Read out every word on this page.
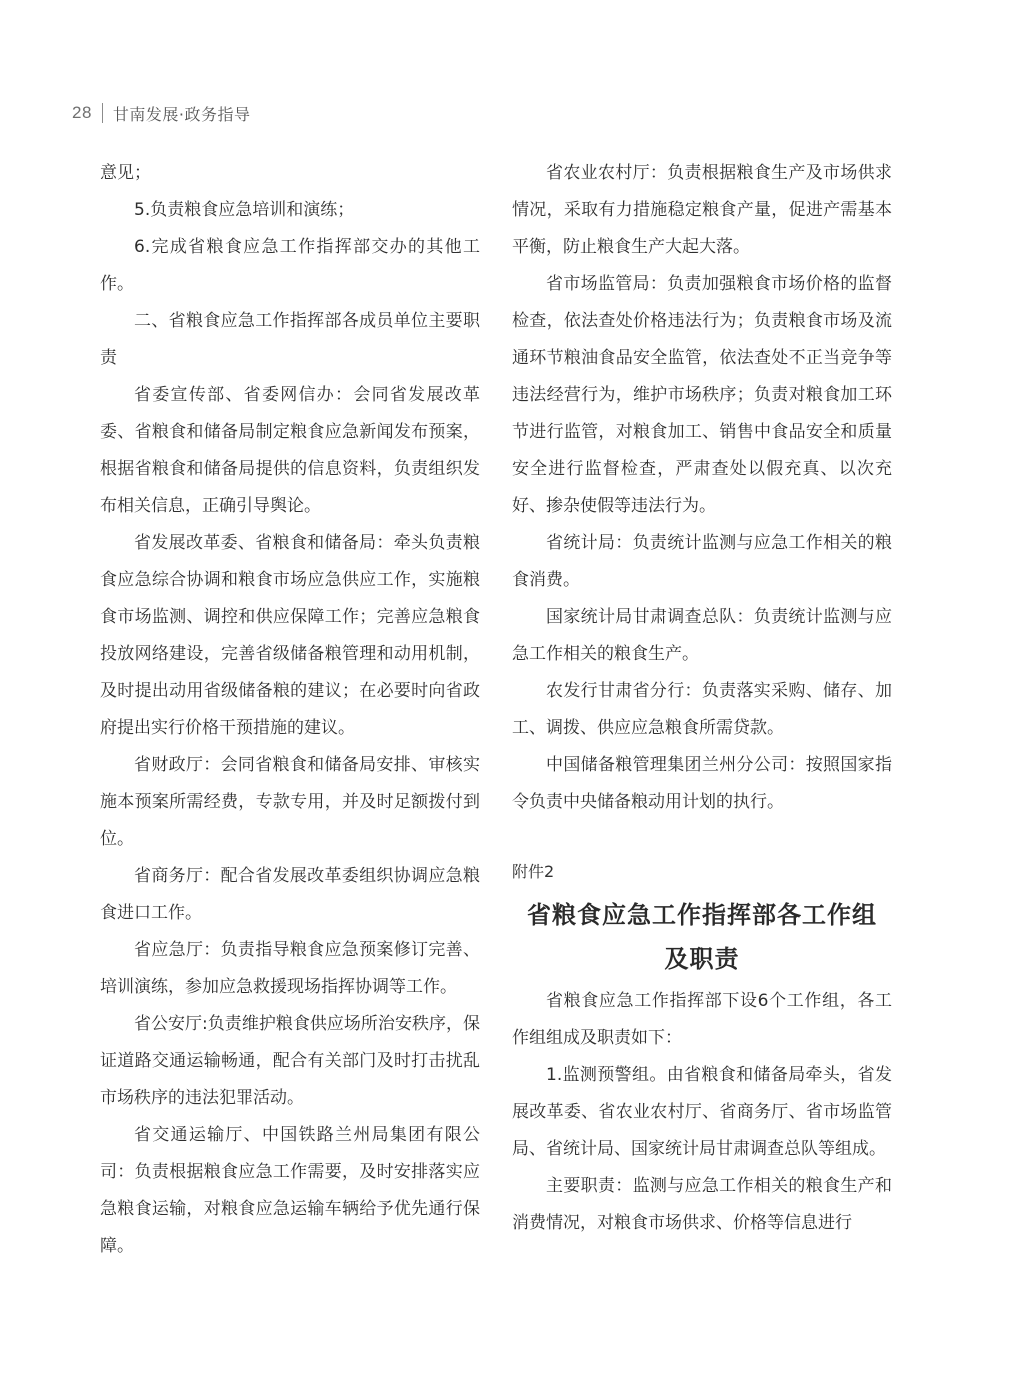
28 甘南发展·政务指导

意见；

5.负责粮食应急培训和演练；

6.完成省粮食应急工作指挥部交办的其他工作。

二、省粮食应急工作指挥部各成员单位主要职责

省委宣传部、省委网信办：会同省发展改革委、省粮食和储备局制定粮食应急新闻发布预案，根据省粮食和储备局提供的信息资料，负责组织发布相关信息，正确引导舆论。

省发展改革委、省粮食和储备局：牵头负责粮食应急综合协调和粮食市场应急供应工作，实施粮食市场监测、调控和供应保障工作；完善应急粮食投放网络建设，完善省级储备粮管理和动用机制，及时提出动用省级储备粮的建议；在必要时向省政府提出实行价格干预措施的建议。

省财政厅：会同省粮食和储备局安排、审核实施本预案所需经费，专款专用，并及时足额拨付到位。

省商务厅：配合省发展改革委组织协调应急粮食进口工作。

省应急厅：负责指导粮食应急预案修订完善、培训演练，参加应急救援现场指挥协调等工作。

省公安厅:负责维护粮食供应场所治安秩序，保证道路交通运输畅通，配合有关部门及时打击扰乱市场秩序的违法犯罪活动。

省交通运输厅、中国铁路兰州局集团有限公司：负责根据粮食应急工作需要，及时安排落实应急粮食运输，对粮食应急运输车辆给予优先通行保障。

省农业农村厅：负责根据粮食生产及市场供求情况，采取有力措施稳定粮食产量，促进产需基本平衡，防止粮食生产大起大落。

省市场监管局：负责加强粮食市场价格的监督检查，依法查处价格违法行为；负责粮食市场及流通环节粮油食品安全监管，依法查处不正当竞争等违法经营行为，维护市场秩序；负责对粮食加工环节进行监管，对粮食加工、销售中食品安全和质量安全进行监督检查，严肃查处以假充真、以次充好、掺杂使假等违法行为。

省统计局：负责统计监测与应急工作相关的粮食消费。

国家统计局甘肃调查总队：负责统计监测与应急工作相关的粮食生产。

农发行甘肃省分行：负责落实采购、储存、加工、调拨、供应应急粮食所需贷款。

中国储备粮管理集团兰州分公司：按照国家指令负责中央储备粮动用计划的执行。

附件2
省粮食应急工作指挥部各工作组
及职责

省粮食应急工作指挥部下设6个工作组，各工作组组成及职责如下：

1.监测预警组。由省粮食和储备局牵头，省发展改革委、省农业农村厅、省商务厅、省市场监管局、省统计局、国家统计局甘肃调查总队等组成。

主要职责：监测与应急工作相关的粮食生产和消费情况，对粮食市场供求、价格等信息进行
